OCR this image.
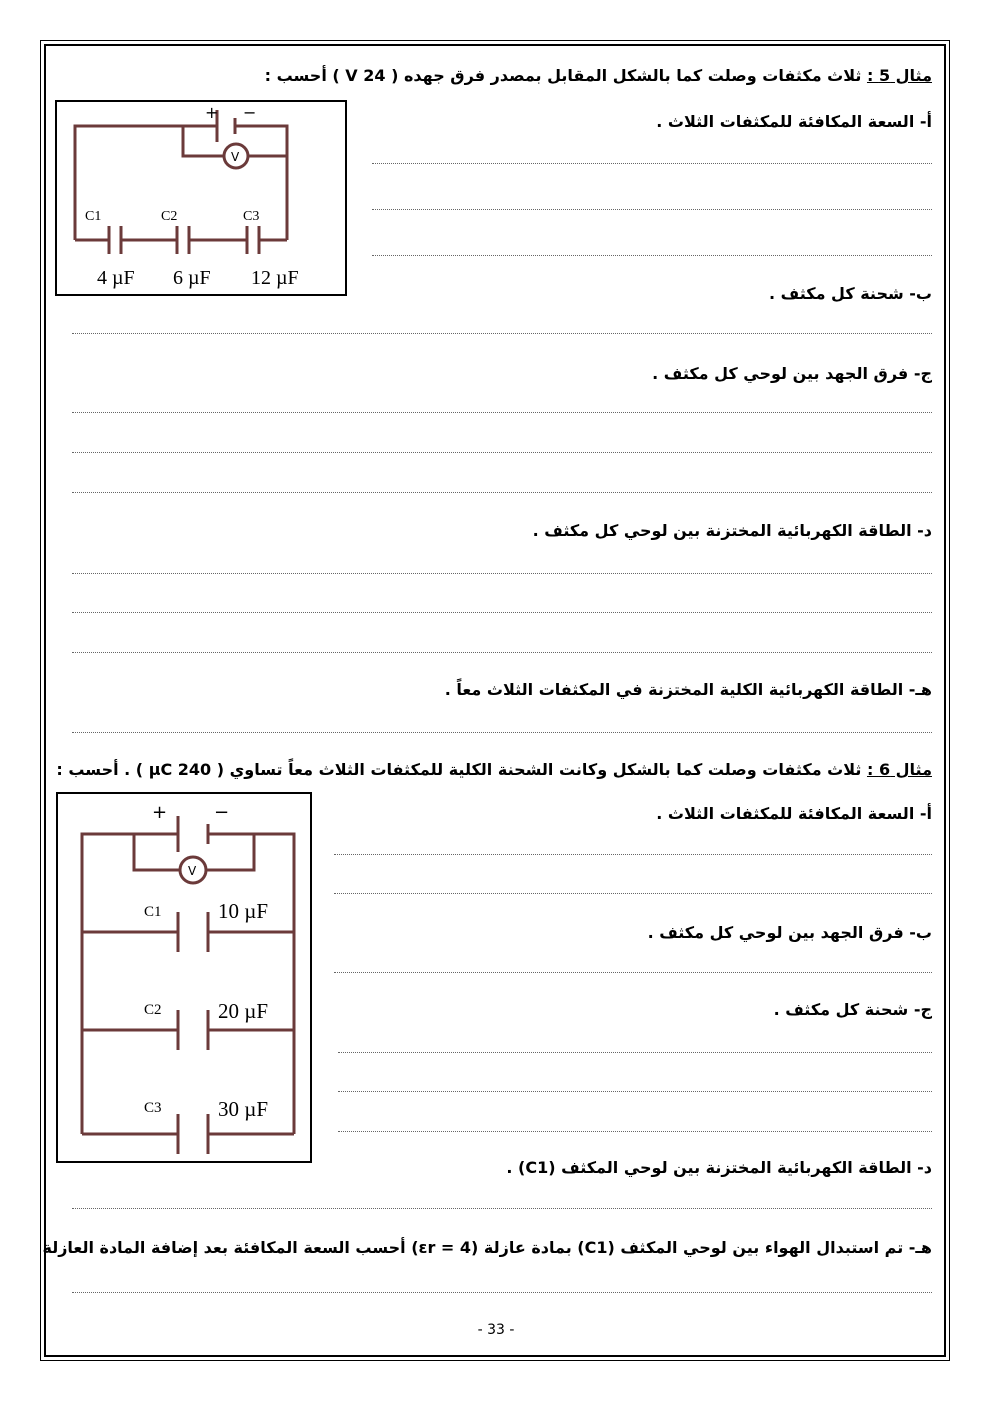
مثال 5 : ثلاث مكثفات وصلت كما بالشكل المقابل بمصدر فرق جهده ( 24 V ) أحسب :
أ- السعة المكافئة للمكثفات الثلاث .
ب- شحنة كل مكثف .
ج- فرق الجهد بين لوحي كل مكثف .
د- الطاقة الكهربائية المختزنة بين لوحي كل مكثف .
هـ- الطاقة الكهربائية الكلية المختزنة في المكثفات الثلاث معاً .
+ −
V
C1	C2	C3
4 µF 6 µF 12 µF
مثال 6 : ثلاث مكثفات وصلت كما بالشكل وكانت الشحنة الكلية للمكثفات الثلاث معاً تساوي ( 240 µC ) . أحسب :
أ- السعة المكافئة للمكثفات الثلاث .
ب- فرق الجهد بين لوحي كل مكثف .
ج- شحنة كل مكثف .
د- الطاقة الكهربائية المختزنة بين لوحي المكثف (C1) .
هـ- تم استبدال الهواء بين لوحي المكثف (C1) بمادة عازلة (εr = 4) أحسب السعة المكافئة بعد إضافة المادة العازلة
+	−
V
C1	10 µF
C2	20 µF
C3	30 µF
- 33 -
